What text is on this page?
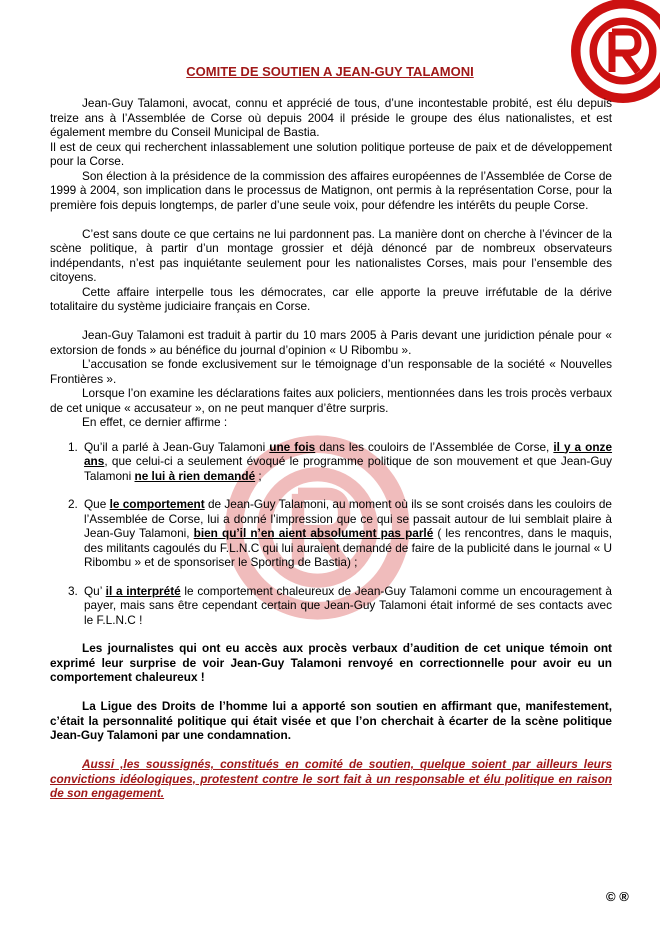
COMITE DE SOUTIEN A JEAN-GUY TALAMONI

Jean-Guy Talamoni, avocat, connu et apprécié de tous, d’une incontestable probité, est élu depuis treize ans à l’Assemblée de Corse où depuis 2004 il préside le groupe des élus nationalistes, et est également membre du Conseil Municipal de Bastia.

Il est de ceux qui recherchent inlassablement une solution politique porteuse de paix et de développement pour la Corse.

Son élection à la présidence de la commission des affaires européennes de l’Assemblée de Corse de 1999 à 2004, son implication dans le processus de Matignon, ont permis à la représentation Corse, pour la première fois depuis longtemps, de parler d’une seule voix, pour défendre les intérêts du peuple Corse.

C’est sans doute ce que certains ne lui pardonnent pas. La manière dont on cherche à l’évincer de la scène politique, à partir d’un montage grossier et déjà dénoncé par de nombreux observateurs indépendants, n’est pas inquiétante seulement pour les nationalistes Corses, mais pour l’ensemble des citoyens.

Cette affaire interpelle tous les démocrates, car elle apporte la preuve irréfutable de la dérive totalitaire du système judiciaire français en Corse.

Jean-Guy Talamoni est traduit à partir du 10 mars 2005 à Paris devant une juridiction pénale pour « extorsion de fonds » au bénéfice du journal d’opinion « U Ribombu ».

L’accusation se fonde exclusivement sur le témoignage d’un responsable de la société « Nouvelles Frontières ».

Lorsque l’on examine les déclarations faites aux policiers, mentionnées dans les trois procès verbaux de cet unique « accusateur », on ne peut manquer d’être surpris.

En effet, ce dernier affirme :

1. Qu’il a parlé à Jean-Guy Talamoni une fois dans les couloirs de l’Assemblée de Corse, il y a onze ans, que celui-ci a seulement évoqué le programme politique de son mouvement et que Jean-Guy Talamoni ne lui à rien demandé ;
2. Que le comportement de Jean-Guy Talamoni, au moment où ils se sont croisés dans les couloirs de l’Assemblée de Corse, lui a donné l’impression que ce qui se passait autour de lui semblait plaire à Jean-Guy Talamoni, bien qu’il n’en aient absolument pas parlé ( les rencontres, dans le maquis, des militants cagoulés du F.L.N.C qui lui auraient demandé de faire de la publicité dans le journal « U Ribombu » et de sponsoriser le Sporting de Bastia) ;
3. Qu’ il a interprété le comportement chaleureux de Jean-Guy Talamoni comme un encouragement à payer, mais sans être cependant certain que Jean-Guy Talamoni était informé de ses contacts avec le F.L.N.C !

Les journalistes qui ont eu accès aux procès verbaux d’audition de cet unique témoin ont exprimé leur surprise de voir Jean-Guy Talamoni renvoyé en correctionnelle pour avoir eu un comportement chaleureux !

La Ligue des Droits de l’homme lui a apporté son soutien en affirmant que, manifestement, c’était la personnalité politique qui était visée et que l’on cherchait à écarter de la scène politique Jean-Guy Talamoni par une condamnation.

Aussi ,les soussignés, constitués en comité de soutien, quelque soient par ailleurs leurs convictions idéologiques, protestent contre le sort fait à un responsable et élu politique en raison de son engagement.

© ®
